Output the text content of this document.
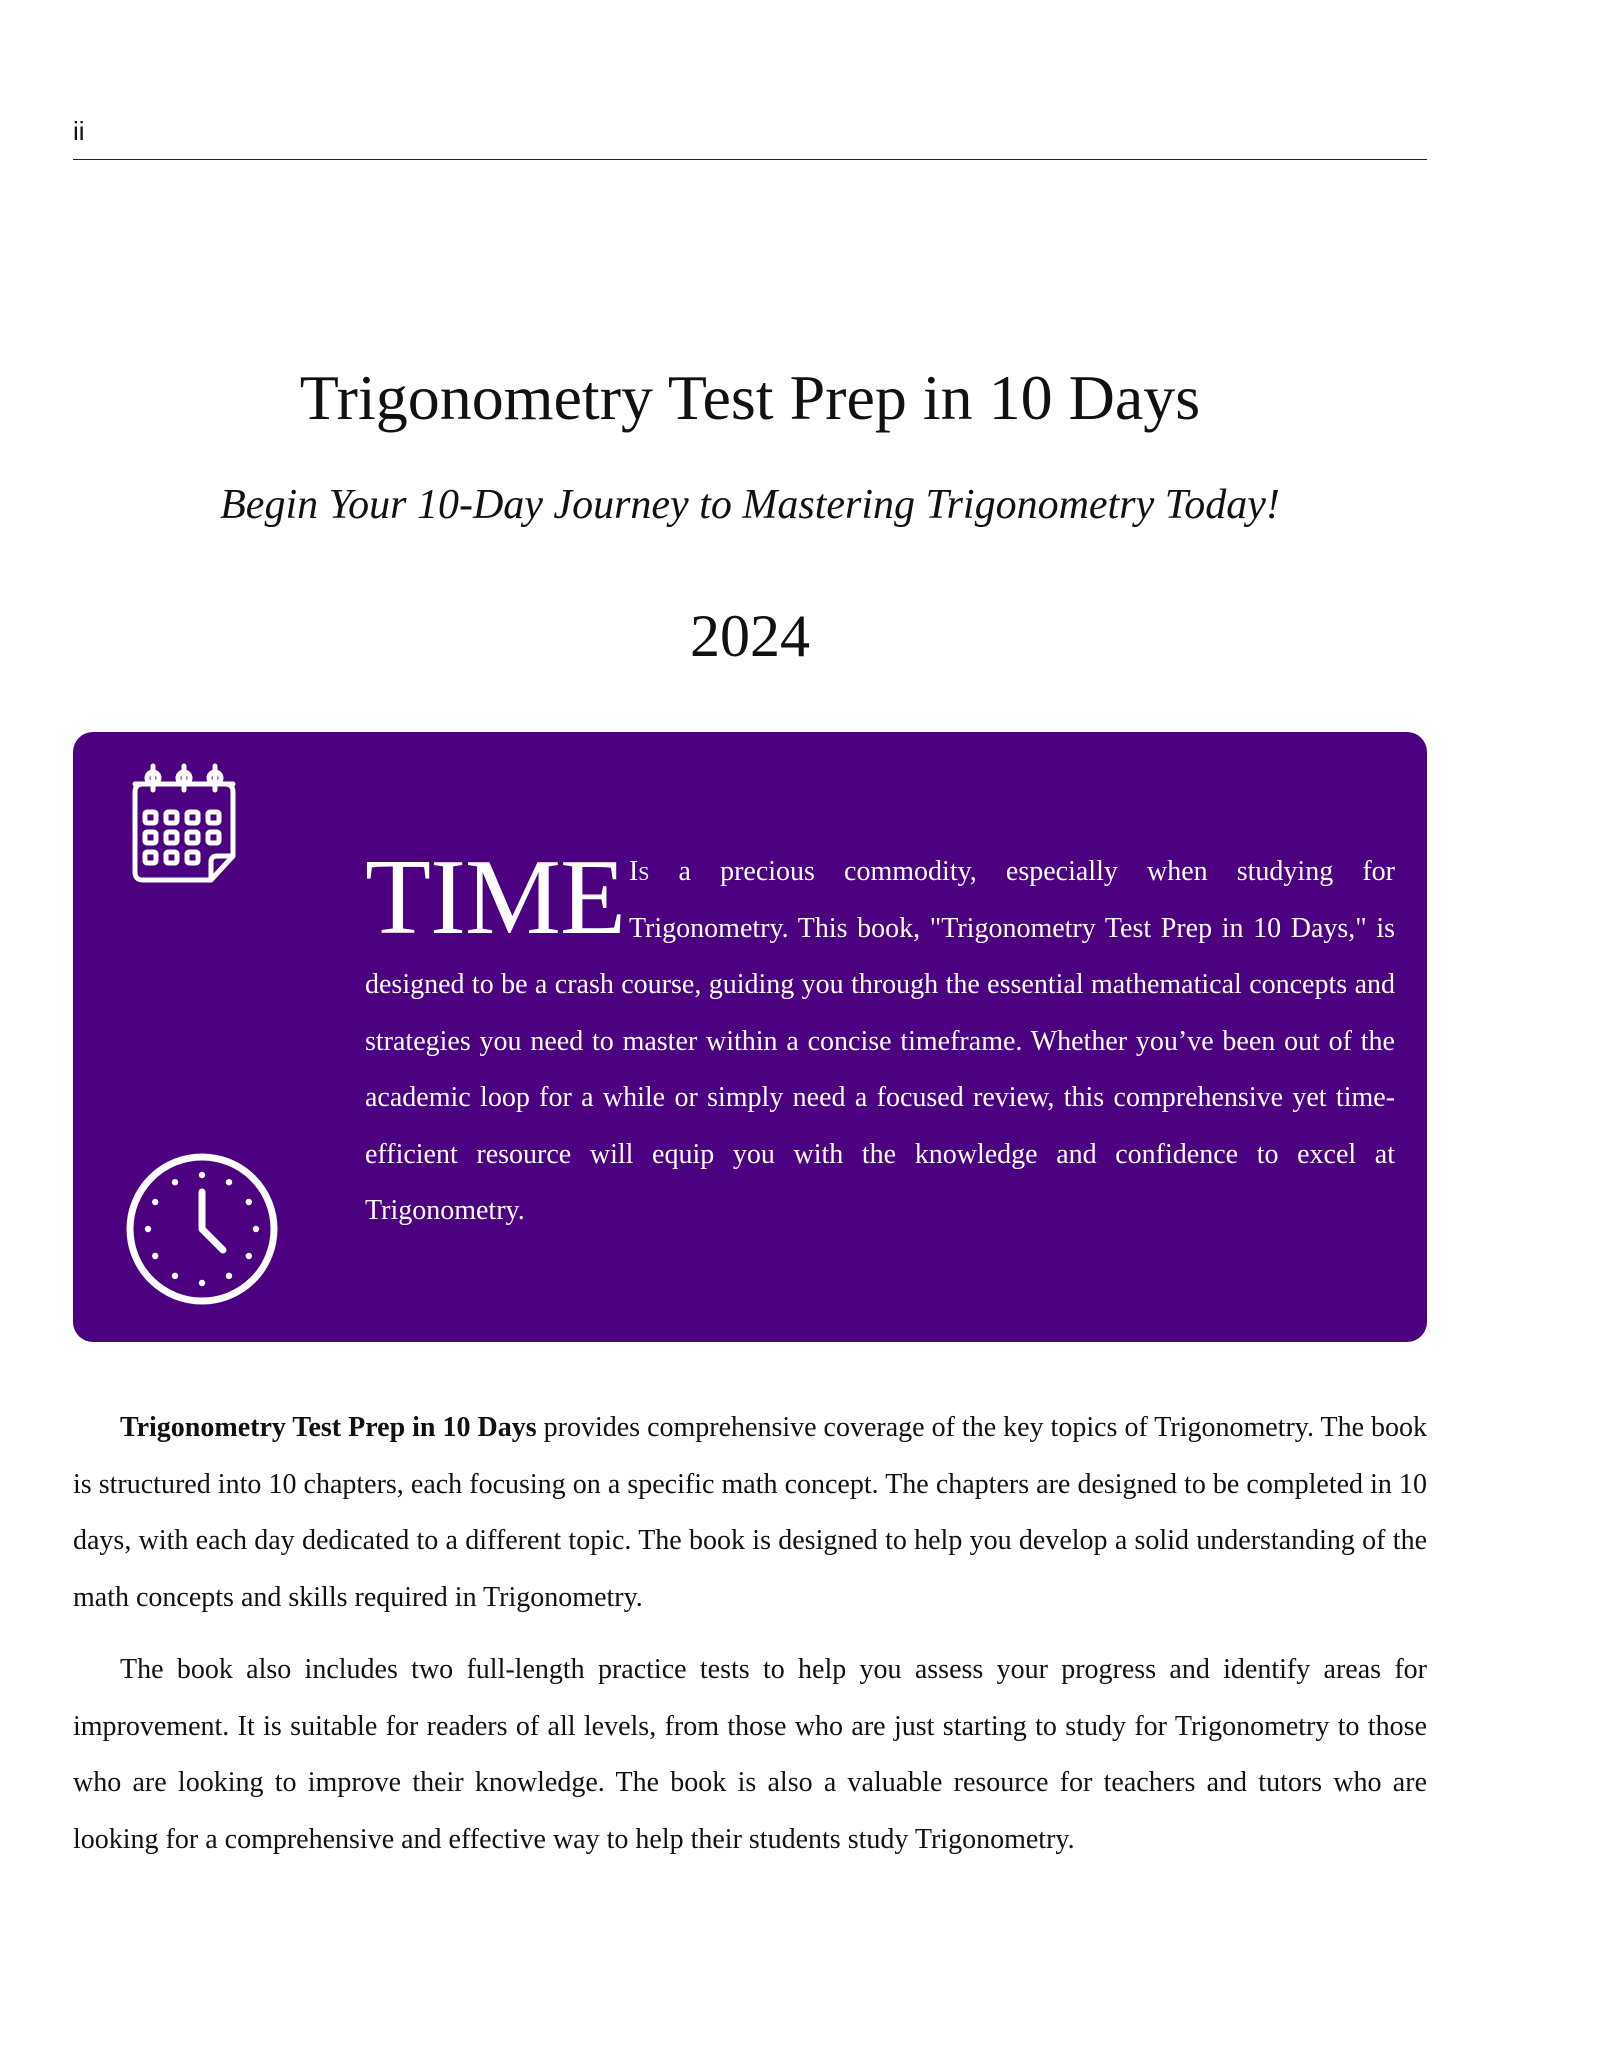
ii
Trigonometry Test Prep in 10 Days
Begin Your 10-Day Journey to Mastering Trigonometry Today!
2024
TIME Is a precious commodity, especially when studying for Trigonometry. This book, "Trigonometry Test Prep in 10 Days," is designed to be a crash course, guiding you through the essential mathematical concepts and strategies you need to master within a concise timeframe. Whether you’ve been out of the academic loop for a while or simply need a focused review, this comprehensive yet time-efficient resource will equip you with the knowledge and confidence to excel at Trigonometry.

Trigonometry Test Prep in 10 Days provides comprehensive coverage of the key topics of Trigonometry. The book is structured into 10 chapters, each focusing on a specific math concept. The chapters are designed to be completed in 10 days, with each day dedicated to a different topic. The book is designed to help you develop a solid understanding of the math concepts and skills required in Trigonometry.

The book also includes two full-length practice tests to help you assess your progress and identify areas for improvement. It is suitable for readers of all levels, from those who are just starting to study for Trigonometry to those who are looking to improve their knowledge. The book is also a valuable resource for teachers and tutors who are looking for a comprehensive and effective way to help their students study Trigonometry.
